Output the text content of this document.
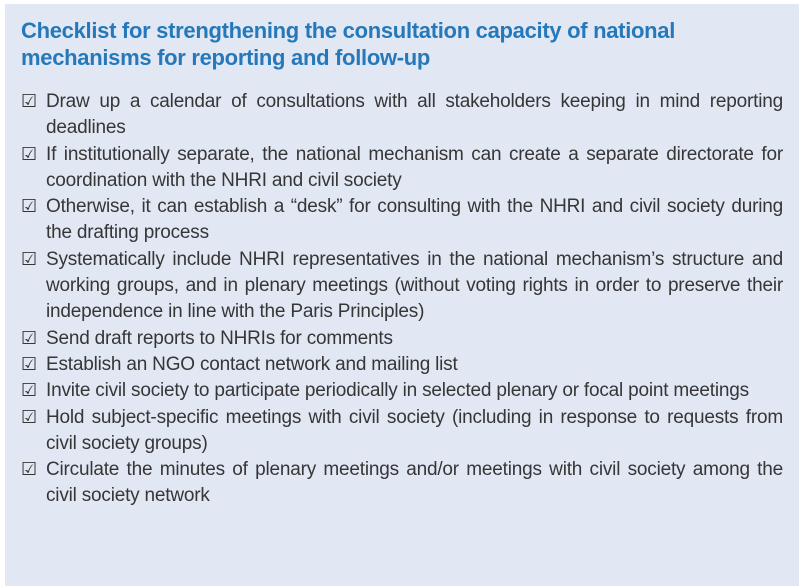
Checklist for strengthening the consultation capacity of national mechanisms for reporting and follow-up
☑ Draw up a calendar of consultations with all stakeholders keeping in mind reporting deadlines
☑ If institutionally separate, the national mechanism can create a separate directorate for coordination with the NHRI and civil society
☑ Otherwise, it can establish a “desk” for consulting with the NHRI and civil society during the drafting process
☑ Systematically include NHRI representatives in the national mechanism’s structure and working groups, and in plenary meetings (without voting rights in order to preserve their independence in line with the Paris Principles)
☑ Send draft reports to NHRIs for comments
☑ Establish an NGO contact network and mailing list
☑ Invite civil society to participate periodically in selected plenary or focal point meetings
☑ Hold subject-specific meetings with civil society (including in response to requests from civil society groups)
☑ Circulate the minutes of plenary meetings and/or meetings with civil society among the civil society network
